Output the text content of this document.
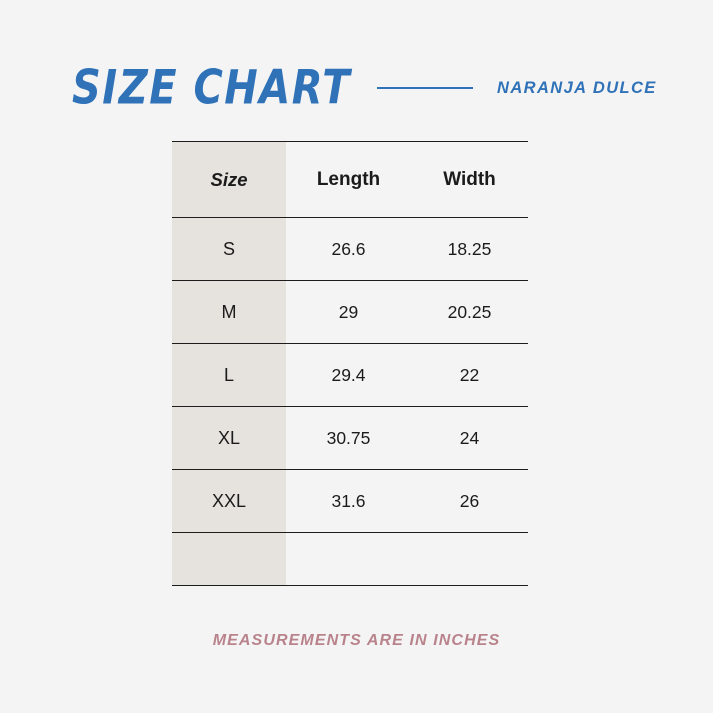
SIZE CHART	NARANJA DULCE
Size	Length	Width
S	26.6	18.25
M	29	20.25
L	29.4	22
XL	30.75	24
XXL	31.6	26

MEASUREMENTS ARE IN INCHES
